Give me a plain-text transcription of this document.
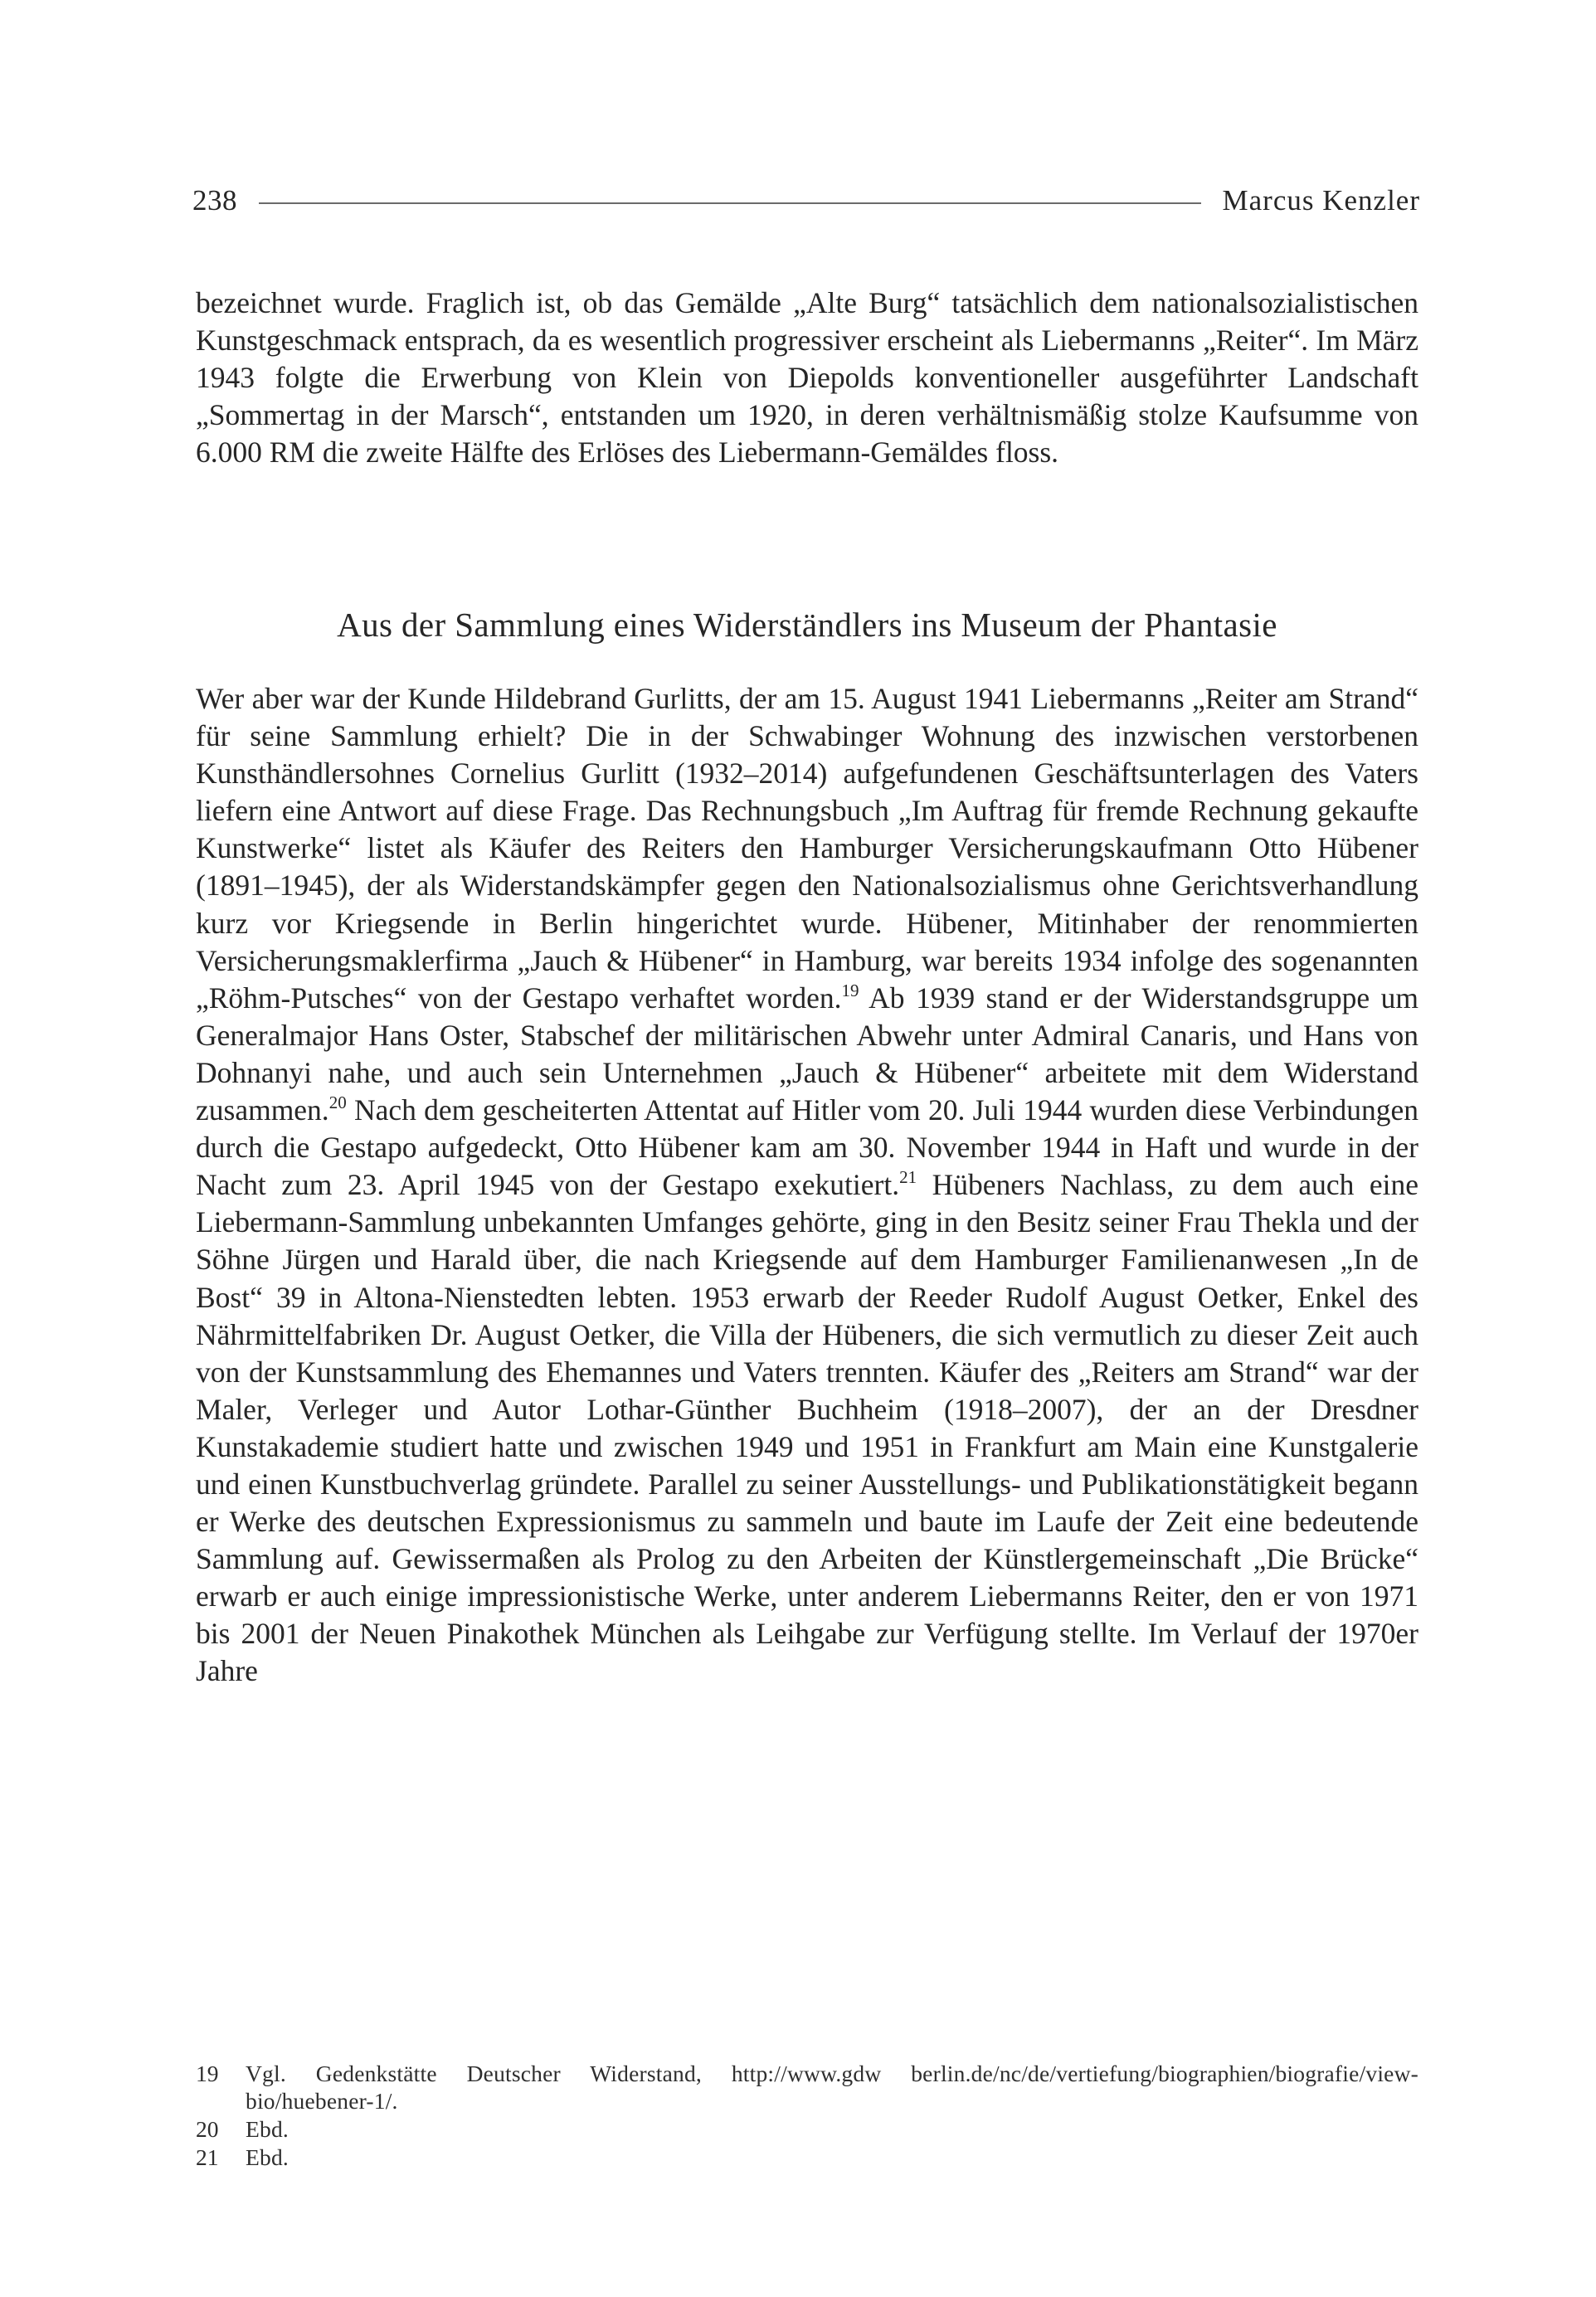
238	Marcus Kenzler

bezeichnet wurde. Fraglich ist, ob das Gemälde „Alte Burg“ tatsächlich dem nationalsozialistischen Kunstgeschmack entsprach, da es wesentlich progressiver erscheint als Liebermanns „Reiter“. Im März 1943 folgte die Erwerbung von Klein von Diepolds konventioneller ausgeführter Landschaft „Sommertag in der Marsch“, entstanden um 1920, in deren verhältnismäßig stolze Kaufsumme von 6.000 RM die zweite Hälfte des Erlöses des Liebermann-Gemäldes floss.

Aus der Sammlung eines Widerständlers ins Museum der Phantasie

Wer aber war der Kunde Hildebrand Gurlitts, der am 15. August 1941 Liebermanns „Reiter am Strand“ für seine Sammlung erhielt? Die in der Schwabinger Wohnung des inzwischen verstorbenen Kunsthändlersohnes Cornelius Gurlitt (1932–2014) aufgefundenen Geschäftsunterlagen des Vaters liefern eine Antwort auf diese Frage. Das Rechnungsbuch „Im Auftrag für fremde Rechnung gekaufte Kunstwerke“ listet als Käufer des Reiters den Hamburger Versicherungskaufmann Otto Hübener (1891–1945), der als Widerstandskämpfer gegen den Nationalsozialismus ohne Gerichtsverhandlung kurz vor Kriegsende in Berlin hingerichtet wurde. Hübener, Mitinhaber der renommierten Versicherungsmaklerfirma „Jauch & Hübener“ in Hamburg, war bereits 1934 infolge des sogenannten „Röhm-Putsches“ von der Gestapo verhaftet worden.$^{19}$ Ab 1939 stand er der Widerstandsgruppe um Generalmajor Hans Oster, Stabschef der militärischen Abwehr unter Admiral Canaris, und Hans von Dohnanyi nahe, und auch sein Unternehmen „Jauch & Hübener“ arbeitete mit dem Widerstand zusammen.$^{20}$ Nach dem gescheiterten Attentat auf Hitler vom 20. Juli 1944 wurden diese Verbindungen durch die Gestapo aufgedeckt, Otto Hübener kam am 30. November 1944 in Haft und wurde in der Nacht zum 23. April 1945 von der Gestapo exekutiert.$^{21}$ Hübeners Nachlass, zu dem auch eine Liebermann-Sammlung unbekannten Umfanges gehörte, ging in den Besitz seiner Frau Thekla und der Söhne Jürgen und Harald über, die nach Kriegsende auf dem Hamburger Familienanwesen „In de Bost“ 39 in Altona-Nienstedten lebten. 1953 erwarb der Reeder Rudolf August Oetker, Enkel des Nährmittelfabriken Dr. August Oetker, die Villa der Hübeners, die sich vermutlich zu dieser Zeit auch von der Kunstsammlung des Ehemannes und Vaters trennten. Käufer des „Reiters am Strand“ war der Maler, Verleger und Autor Lothar-Günther Buchheim (1918–2007), der an der Dresdner Kunstakademie studiert hatte und zwischen 1949 und 1951 in Frankfurt am Main eine Kunstgalerie und einen Kunstbuchverlag gründete. Parallel zu seiner Ausstellungs- und Publikationstätigkeit begann er Werke des deutschen Expressionismus zu sammeln und baute im Laufe der Zeit eine bedeutende Sammlung auf. Gewissermaßen als Prolog zu den Arbeiten der Künstlergemeinschaft „Die Brücke“ erwarb er auch einige impressionistische Werke, unter anderem Liebermanns Reiter, den er von 1971 bis 2001 der Neuen Pinakothek München als Leihgabe zur Verfügung stellte. Im Verlauf der 1970er Jahre

19	Vgl. Gedenkstätte Deutscher Widerstand, http://www.gdw berlin.de/nc/de/vertiefung/biographien/biografie/view-bio/huebener-1/.
20	Ebd.
21	Ebd.
